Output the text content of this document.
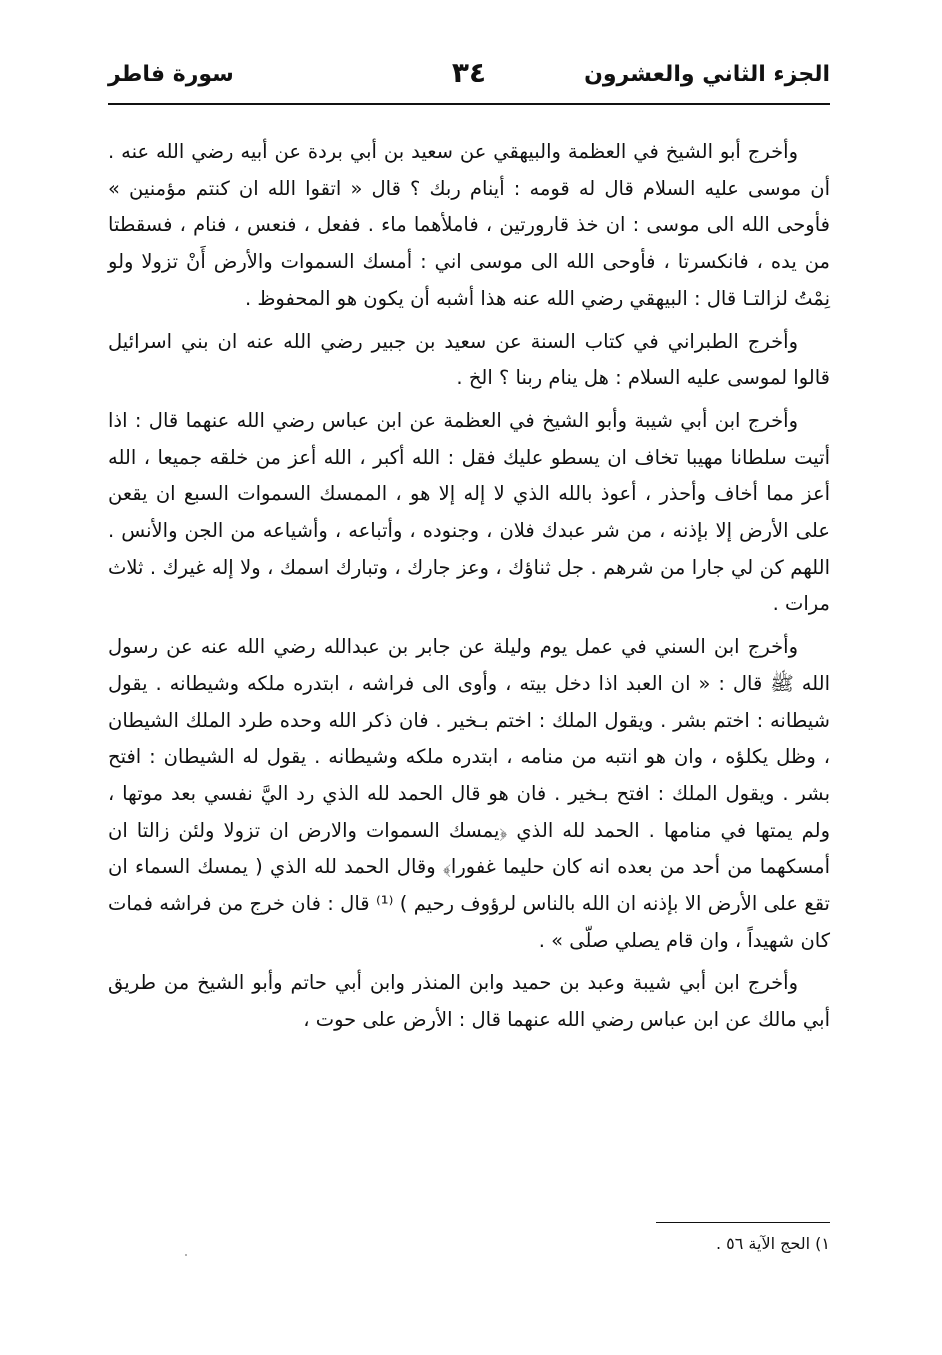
الجزء الثاني والعشرون
٣٤
سورة فاطر

وأخرج أبو الشيخ في العظمة والبيهقي عن سعيد بن أبي بردة عن أبيه رضي الله عنه . أن موسى عليه السلام قال له قومه : أينام ربك ؟ قال « اتقوا الله ان كنتم مؤمنين » فأوحى الله الى موسى : ان خذ قارورتين ، فاملأهما ماء . ففعل ، فنعس ، فنام ، فسقطتا من يده ، فانكسرتا ، فأوحى الله الى موسى اني : أمسك السموات والأرض أَنْ تزولا ولو نِمْتُ لزالتـا قال : البيهقي رضي الله عنه هذا أشبه أن يكون هو المحفوظ .

وأخرج الطبراني في كتاب السنة عن سعيد بن جبير رضي الله عنه ان بني اسرائيل قالوا لموسى عليه السلام : هل ينام ربنا ؟ الخ .

وأخرج ابن أبي شيبة وأبو الشيخ في العظمة عن ابن عباس رضي الله عنهما قال : اذا أتيت سلطانا مهيبا تخاف ان يسطو عليك فقل : الله أكبر ، الله أعز من خلقه جميعا ، الله أعز مما أخاف وأحذر ، أعوذ بالله الذي لا إله إلا هو ، الممسك السموات السبع ان يقعن على الأرض إلا بإذنه ، من شر عبدك فلان ، وجنوده ، وأتباعه ، وأشياعه من الجن والأنس . اللهم كن لي جارا من شرهم . جل ثناؤك ، وعز جارك ، وتبارك اسمك ، ولا إله غيرك . ثلاث مرات .

وأخرج ابن السني في عمل يوم وليلة عن جابر بن عبدالله رضي الله عنه عن رسول الله ﷺ قال : « ان العبد اذا دخل بيته ، وأوى الى فراشه ، ابتدره ملكه وشيطانه . يقول شيطانه : اختم بشر . ويقول الملك : اختم بـخير . فان ذكر الله وحده طرد الملك الشيطان ، وظل يكلؤه ، وان هو انتبه من منامه ، ابتدره ملكه وشيطانه . يقول له الشيطان : افتح بشر . ويقول الملك : افتح بـخير . فان هو قال الحمد لله الذي رد اليَّ نفسي بعد موتها ، ولم يمتها في منامها . الحمد لله الذي ﴿يمسك السموات والارض ان تزولا ولئن زالتا ان أمسكهما من أحد من بعده انه كان حليما غفورا﴾ وقال الحمد لله الذي ( يمسك السماء ان تقع على الأرض الا بإذنه ان الله بالناس لرؤوف رحيم ) ⁽¹⁾ قال : فان خرج من فراشه فمات كان شهيداً ، وان قام يصلي صلّى » .

وأخرج ابن أبي شيبة وعبد بن حميد وابن المنذر وابن أبي حاتم وأبو الشيخ من طريق أبي مالك عن ابن عباس رضي الله عنهما قال : الأرض على حوت ،

١) الحج الآية ٥٦ .
